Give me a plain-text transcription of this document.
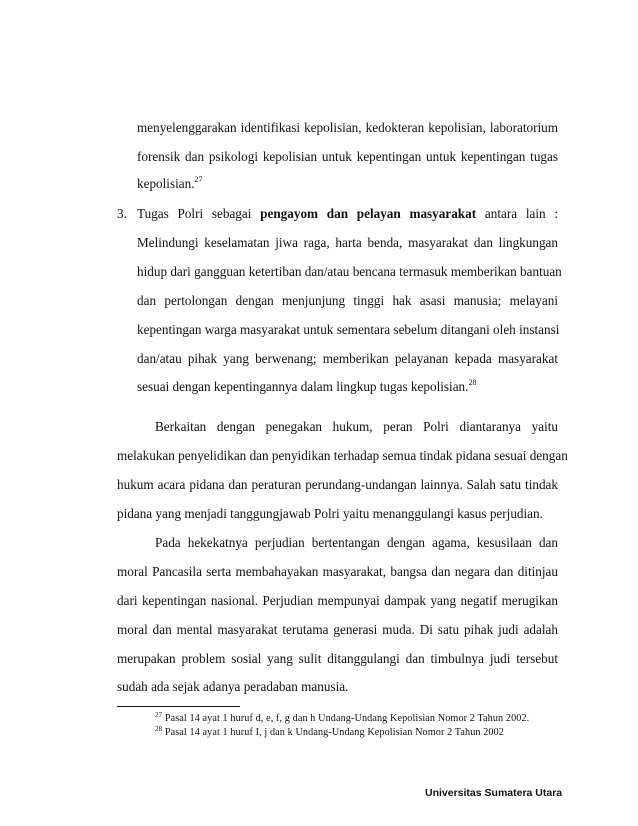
menyelenggarakan identifikasi kepolisian, kedokteran kepolisian, laboratorium
forensik dan psikologi kepolisian untuk kepentingan untuk kepentingan tugas
kepolisian.$^{27}$
3. Tugas Polri sebagai pengayom dan pelayan masyarakat antara lain :
Melindungi keselamatan jiwa raga, harta benda, masyarakat dan lingkungan
hidup dari gangguan ketertiban dan/atau bencana termasuk memberikan bantuan
dan pertolongan dengan menjunjung tinggi hak asasi manusia; melayani
kepentingan warga masyarakat untuk sementara sebelum ditangani oleh instansi
dan/atau pihak yang berwenang; memberikan pelayanan kepada masyarakat
sesuai dengan kepentingannya dalam lingkup tugas kepolisian.$^{28}$
Berkaitan dengan penegakan hukum, peran Polri diantaranya yaitu
melakukan penyelidikan dan penyidikan terhadap semua tindak pidana sesuai dengan
hukum acara pidana dan peraturan perundang-undangan lainnya. Salah satu tindak
pidana yang menjadi tanggungjawab Polri yaitu menanggulangi kasus perjudian.
Pada hekekatnya perjudian bertentangan dengan agama, kesusilaan dan
moral Pancasila serta membahayakan masyarakat, bangsa dan negara dan ditinjau
dari kepentingan nasional. Perjudian mempunyai dampak yang negatif merugikan
moral dan mental masyarakat terutama generasi muda. Di satu pihak judi adalah
merupakan problem sosial yang sulit ditanggulangi dan timbulnya judi tersebut
sudah ada sejak adanya peradaban manusia.
$^{27}$ Pasal 14 ayat 1 huruf d, e, f, g dan h Undang-Undang Kepolisian Nomor 2 Tahun 2002.
$^{28}$ Pasal 14 ayat 1 huruf I, j dan k Undang-Undang Kepolisian Nomor 2 Tahun 2002
Universitas Sumatera Utara
